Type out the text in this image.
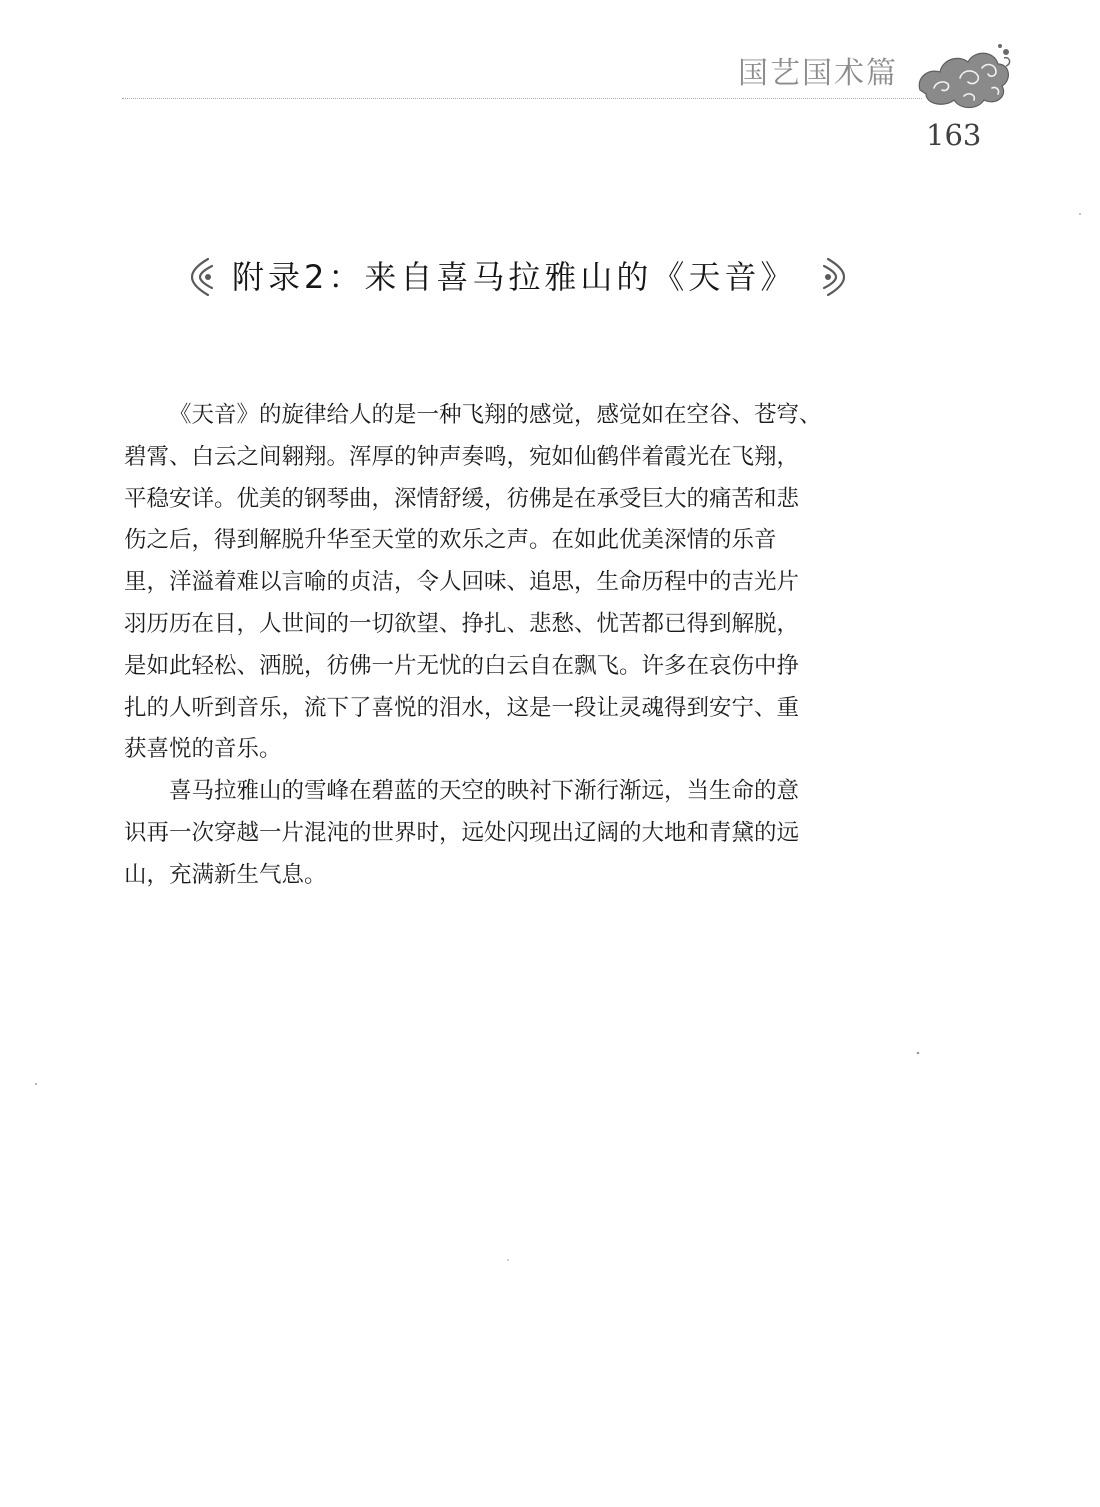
国艺国术篇
163
附录2：来自喜马拉雅山的《天音》

《天音》的旋律给人的是一种飞翔的感觉，感觉如在空谷、苍穹、
碧霄、白云之间翱翔。浑厚的钟声奏鸣，宛如仙鹤伴着霞光在飞翔，
平稳安详。优美的钢琴曲，深情舒缓，彷佛是在承受巨大的痛苦和悲
伤之后，得到解脱升华至天堂的欢乐之声。在如此优美深情的乐音
里，洋溢着难以言喻的贞洁，令人回味、追思，生命历程中的吉光片
羽历历在目，人世间的一切欲望、挣扎、悲愁、忧苦都已得到解脱，
是如此轻松、洒脱，彷佛一片无忧的白云自在飘飞。许多在哀伤中挣
扎的人听到音乐，流下了喜悦的泪水，这是一段让灵魂得到安宁、重
获喜悦的音乐。

喜马拉雅山的雪峰在碧蓝的天空的映衬下渐行渐远，当生命的意
识再一次穿越一片混沌的世界时，远处闪现出辽阔的大地和青黛的远
山，充满新生气息。
